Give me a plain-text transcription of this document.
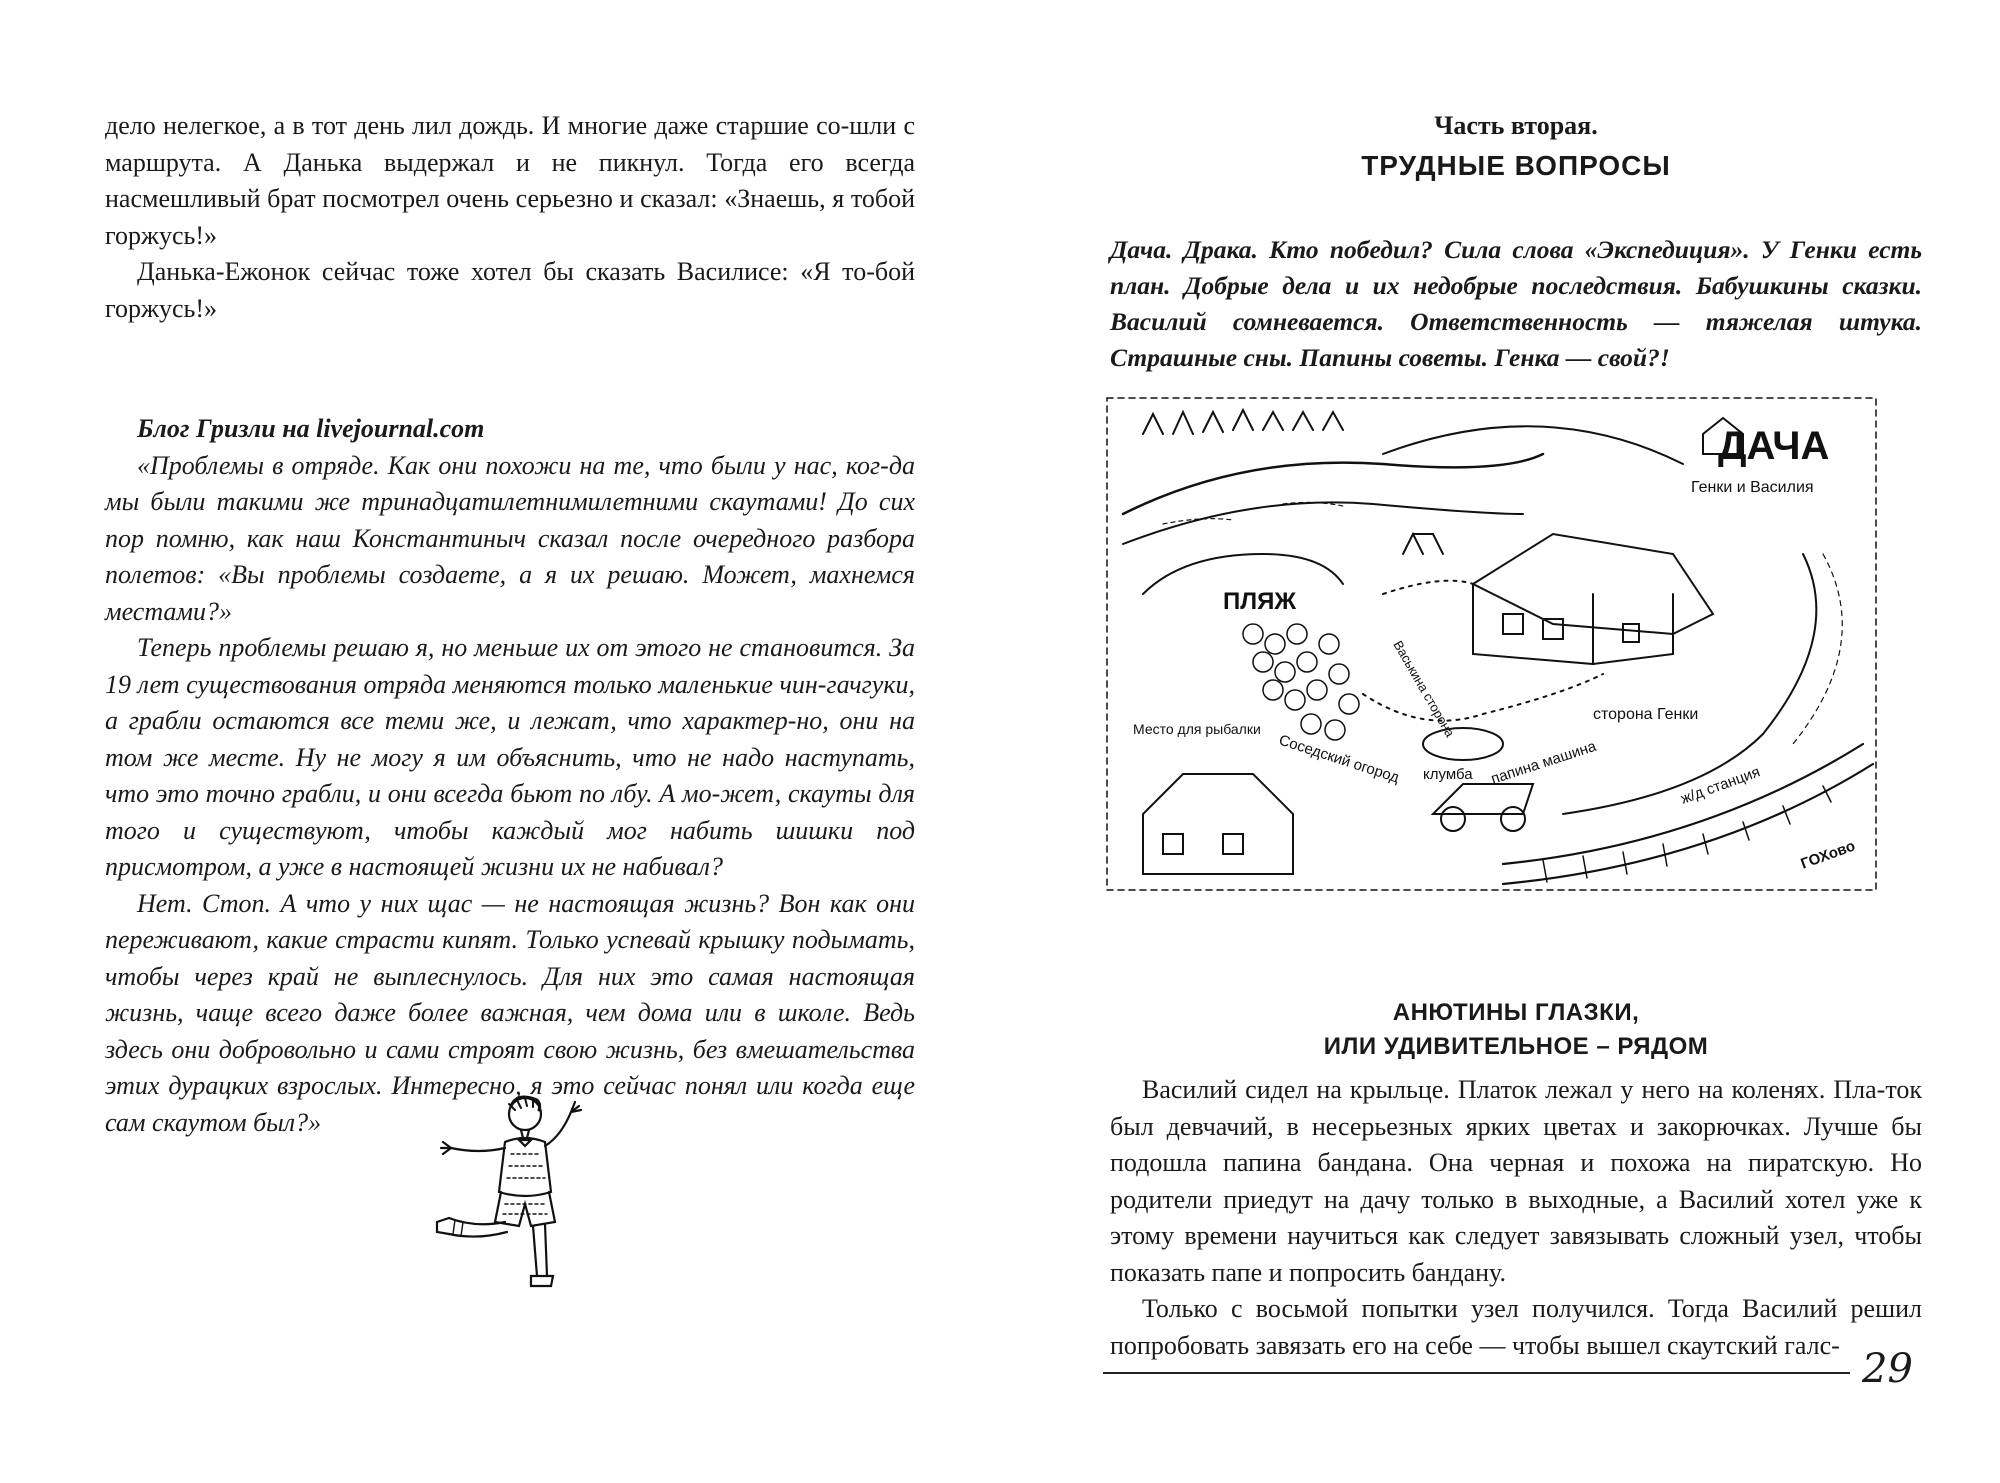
дело нелегкое, а в тот день лил дождь. И многие даже старшие со-шли с маршрута. А Данька выдержал и не пикнул. Тогда его всегда насмешливый брат посмотрел очень серьезно и сказал: «Знаешь, я тобой горжусь!»

Данька-Ежонок сейчас тоже хотел бы сказать Василисе: «Я то-бой горжусь!»

Блог Гризли на livejournal.com

«Проблемы в отряде. Как они похожи на те, что были у нас, ког-да мы были такими же тринадцатилетнимилетними скаутами! До сих пор помню, как наш Константиныч сказал после очередного разбора полетов: «Вы проблемы создаете, а я их решаю. Может, махнемся местами?»

Теперь проблемы решаю я, но меньше их от этого не становится. За 19 лет существования отряда меняются только маленькие чин-гачгуки, а грабли остаются все теми же, и лежат, что характер-но, они на том же месте. Ну не могу я им объяснить, что не надо наступать, что это точно грабли, и они всегда бьют по лбу. А мо-жет, скауты для того и существуют, чтобы каждый мог набить шишки под присмотром, а уже в настоящей жизни их не набивал?

Нет. Стоп. А что у них щас — не настоящая жизнь? Вон как они переживают, какие страсти кипят. Только успевай крышку подымать, чтобы через край не выплеснулось. Для них это самая настоящая жизнь, чаще всего даже более важная, чем дома или в школе. Ведь здесь они добровольно и сами строят свою жизнь, без вмешательства этих дурацких взрослых. Интересно, я это сейчас понял или когда еще сам скаутом был?»

Часть вторая.
ТРУДНЫЕ ВОПРОСЫ
Дача. Драка. Кто победил? Сила слова «Экспедиция». У Генки есть план. Добрые дела и их недобрые последствия. Бабушкины сказки. Василий сомневается. Ответственность — тяжелая штука. Страшные сны. Папины советы. Генка — свой?!
ДАЧА
Генки и Василия
ПЛЯЖ
Васькина сторона	сторона Генки
Место для рыбалки
Соседский огород клумба папина машина	ж/д станция
ГОХово
АНЮТИНЫ ГЛАЗКИ,
ИЛИ УДИВИТЕЛЬНОЕ – РЯДОМ

Василий сидел на крыльце. Платок лежал у него на коленях. Пла-ток был девчачий, в несерьезных ярких цветах и закорючках. Лучше бы подошла папина бандана. Она черная и похожа на пиратскую. Но родители приедут на дачу только в выходные, а Василий хотел уже к этому времени научиться как следует завязывать сложный узел, чтобы показать папе и попросить бандану.

Только с восьмой попытки узел получился. Тогда Василий решил попробовать завязать его на себе — чтобы вышел скаутский галс-

29
